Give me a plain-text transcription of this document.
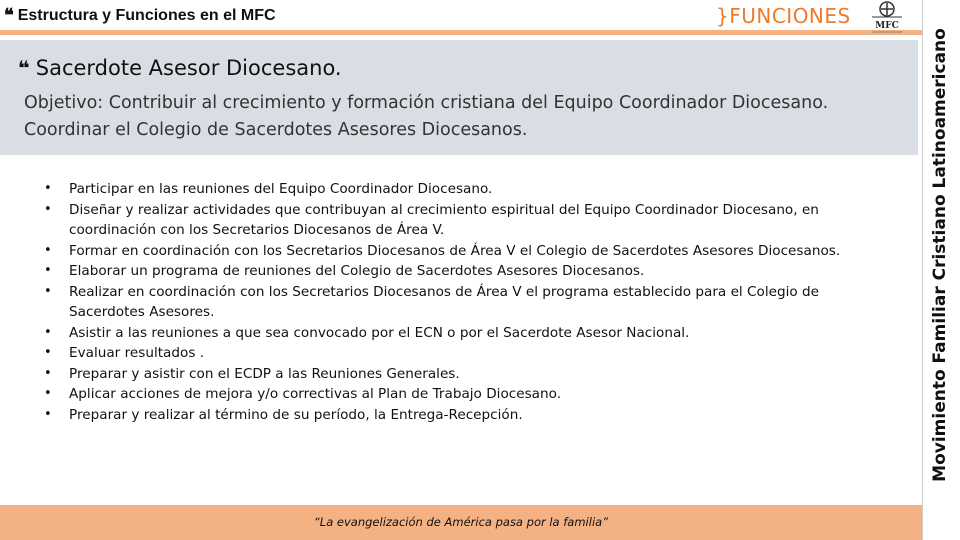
❝ Estructura y Funciones en el MFC	}FUNCIONES	MFC
Movimiento Familiar Cristiano Latinoamericano
❝ Sacerdote Asesor Diocesano.
Objetivo: Contribuir al crecimiento y formación cristiana del Equipo Coordinador Diocesano. Coordinar el Colegio de Sacerdotes Asesores Diocesanos.
• Participar en las reuniones del Equipo Coordinador Diocesano.
• Diseñar y realizar actividades que contribuyan al crecimiento espiritual del Equipo Coordinador Diocesano, en coordinación con los Secretarios Diocesanos de Área V.
• Formar en coordinación con los Secretarios Diocesanos de Área V el Colegio de Sacerdotes Asesores Diocesanos.
• Elaborar un programa de reuniones del Colegio de Sacerdotes Asesores Diocesanos.
• Realizar en coordinación con los Secretarios Diocesanos de Área V el programa establecido para el Colegio de Sacerdotes Asesores.
• Asistir a las reuniones a que sea convocado por el ECN o por el Sacerdote Asesor Nacional.
• Evaluar resultados .
• Preparar y asistir con el ECDP a las Reuniones Generales.
• Aplicar acciones de mejora y/o correctivas al Plan de Trabajo Diocesano.
• Preparar y realizar al término de su período, la Entrega-Recepción.
“La evangelización de América pasa por la familia”
